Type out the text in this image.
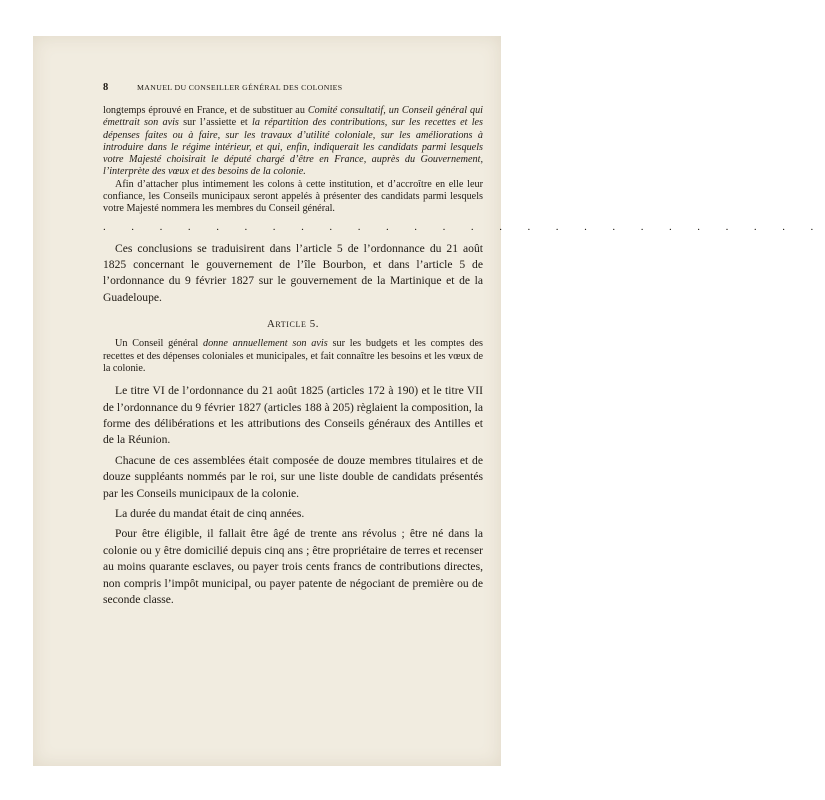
8	MANUEL DU CONSEILLER GÉNÉRAL DES COLONIES

longtemps éprouvé en France, et de substituer au Comité consultatif, un Conseil général qui émettrait son avis sur l’assiette et la répartition des contributions, sur les recettes et les dépenses faites ou à faire, sur les travaux d’utilité coloniale, sur les améliorations à introduire dans le régime intérieur, et qui, enfin, indiquerait les candidats parmi lesquels votre Majesté choisirait le député chargé d’être en France, auprès du Gouvernement, l’interprète des vœux et des besoins de la colonie.

Afin d’attacher plus intimement les colons à cette institution, et d’accroître en elle leur confiance, les Conseils municipaux seront appelés à présenter des candidats parmi lesquels votre Majesté nommera les membres du Conseil général.

. . . . . . . . . . . . . . . . . . . . . . . . . .

Ces conclusions se traduisirent dans l’article 5 de l’ordonnance du 21 août 1825 concernant le gouvernement de l’île Bourbon, et dans l’article 5 de l’ordonnance du 9 février 1827 sur le gouvernement de la Martinique et de la Guadeloupe.

Article 5.

Un Conseil général donne annuellement son avis sur les budgets et les comptes des recettes et des dépenses coloniales et municipales, et fait connaître les besoins et les vœux de la colonie.

Le titre VI de l’ordonnance du 21 août 1825 (articles 172 à 190) et le titre VII de l’ordonnance du 9 février 1827 (articles 188 à 205) règlaient la composition, la forme des délibérations et les attributions des Conseils généraux des Antilles et de la Réunion.

Chacune de ces assemblées était composée de douze membres titulaires et de douze suppléants nommés par le roi, sur une liste double de candidats présentés par les Conseils municipaux de la colonie.

La durée du mandat était de cinq années.

Pour être éligible, il fallait être âgé de trente ans révolus ; être né dans la colonie ou y être domicilié depuis cinq ans ; être propriétaire de terres et recenser au moins quarante esclaves, ou payer trois cents francs de contributions directes, non compris l’impôt municipal, ou payer patente de négociant de première ou de seconde classe.
